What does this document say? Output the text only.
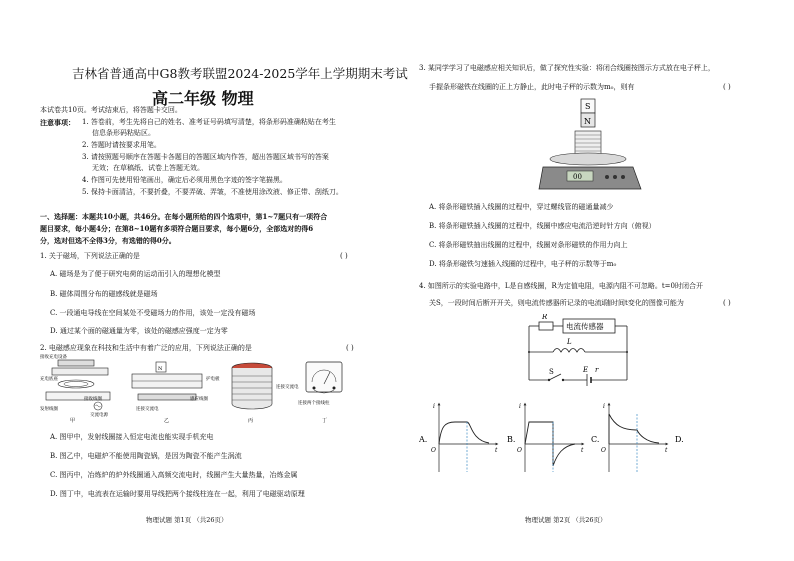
吉林省普通高中G8教考联盟2024-2025学年上学期期末考试
高二年级 物理
本试卷共10页。考试结束后，将答题卡交回。
注意事项： 1. 答卷前，考生先将自己的姓名、准考证号码填写清楚，将条形码准确粘贴在考生
信息条形码粘贴区。
2. 答题时请按要求用笔。
3. 请按照题号顺序在答题卡各题目的答题区域内作答，超出答题区域书写的答案
无效；在草稿纸、试卷上答题无效。
4. 作图可先使用铅笔画出，确定后必须用黑色字迹的签字笔描黑。
5. 保持卡面清洁，不要折叠，不要弄破、弄皱，不准使用涂改液、修正带、刮纸刀。
一、选择题：本题共10小题，共46分。在每小题所给的四个选项中，第1~7题只有一项符合
题目要求，每小题4分；在第8~10题有多项符合题目要求，每小题6分，全部选对的得6
分，选对但选不全得3分，有选错的得0分。
1. 关于磁场，下列说法正确的是	( )
A. 磁场是为了便于研究电荷的运动而引入的理想化模型
B. 磁体周围分布的磁感线就是磁场
C. 一段通电导线在空间某处不受磁场力的作用，该处一定没有磁场
D. 通过某个面的磁通量为零，该处的磁感应强度一定为零
2. 电磁感应现象在科技和生活中有着广泛的应用，下列说法正确的是	( )
接收充电设备
充电底座
发射线圈
接收线圈
交流电源
甲
N
护电板
感应线圈
连接交流电
乙
连接交流电
丙
连接两个接线柱
丁
A. 图甲中，发射线圈接入恒定电流也能实现手机充电
B. 图乙中，电磁炉不能使用陶瓷锅，是因为陶瓷不能产生涡流
C. 图丙中，冶炼炉的炉外线圈通入高频交流电时，线圈产生大量热量，冶炼金属
D. 图丁中，电流表在运输时要用导线把两个接线柱连在一起，利用了电磁驱动原理
物理试题 第1页 （共26页）
3. 某同学学习了电磁感应相关知识后，做了探究性实验：将闭合线圈按图示方式放在电子秤上，
手握条形磁铁在线圈的正上方静止，此时电子秤的示数为m₀，则有	( )
S
N
00
A. 将条形磁铁插入线圈的过程中，穿过螺线管的磁通量减少
B. 将条形磁铁插入线圈的过程中，线圈中感应电流沿逆时针方向（俯视）
C. 将条形磁铁抽出线圈的过程中，线圈对条形磁铁的作用力向上
D. 将条形磁铁匀速插入线圈的过程中，电子秤的示数等于m₀
4. 如图所示的实验电路中，L是自感线圈，R为定值电阻，电源内阻不可忽略。t=0时闭合开
关S，一段时间后断开开关，则电流传感器所记录的电流i随时间t变化的图像可能为	( )
R
电流传感器
L
S	E r
A.
i
t
O
B.
i
t
O
C.
i
t
O
D.
物理试题 第2页 （共26页）
